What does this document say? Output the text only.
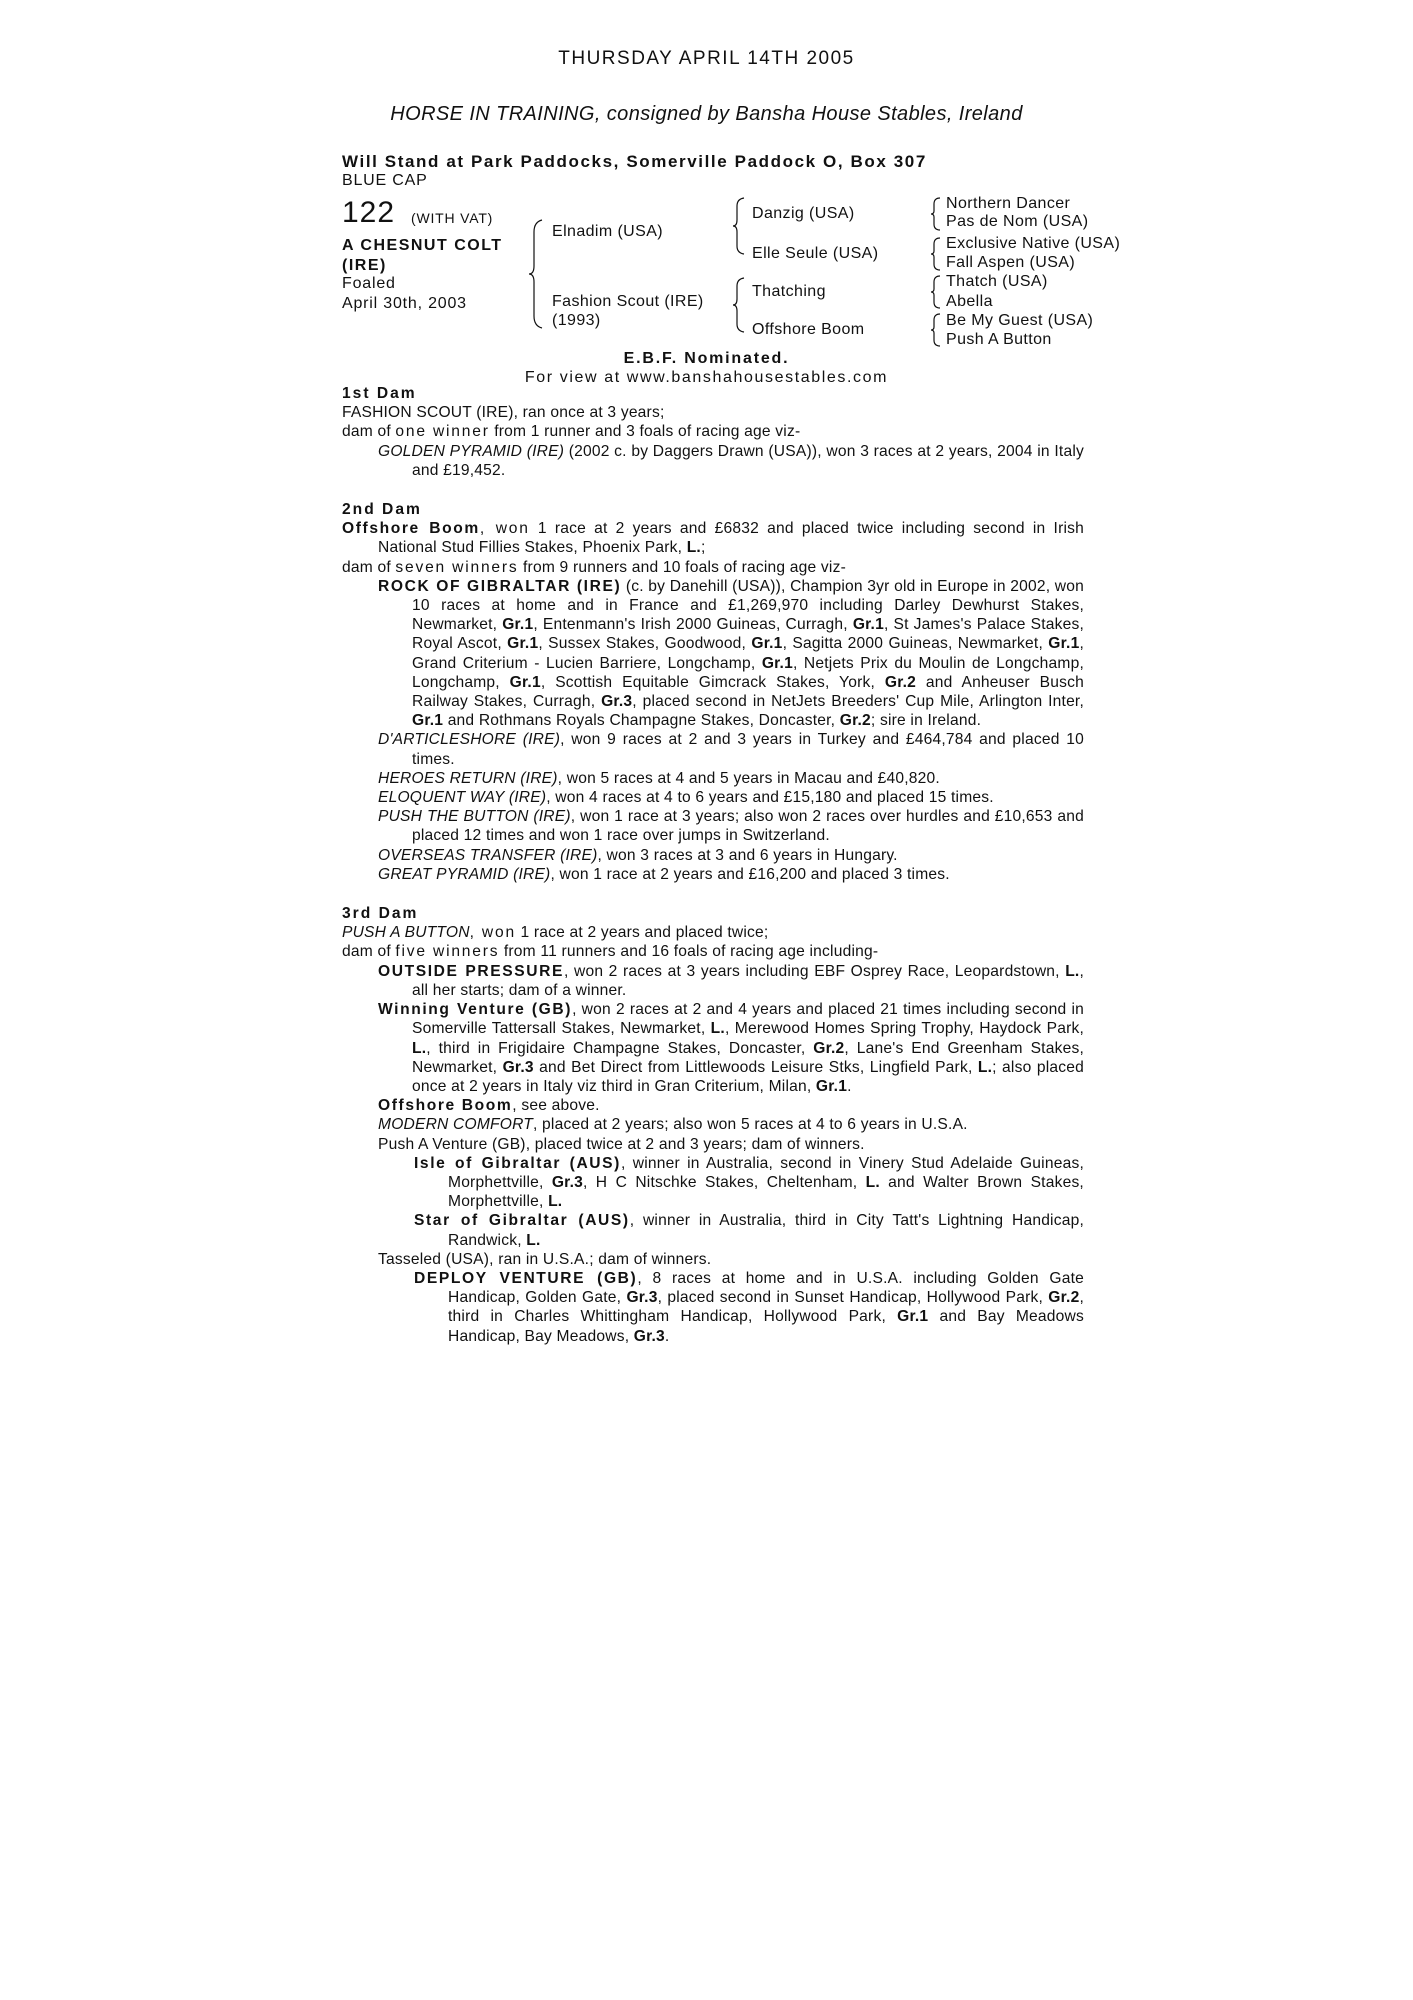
THURSDAY APRIL 14TH 2005
HORSE IN TRAINING, consigned by Bansha House Stables, Ireland
Will Stand at Park Paddocks, Somerville Paddock O, Box 307
BLUE CAP
122 (WITH VAT)
A CHESNUT COLT
(IRE)
Foaled
April 30th, 2003
Elnadim (USA)
Fashion Scout (IRE)
(1993)
Danzig (USA)
Elle Seule (USA)
Thatching
Offshore Boom
Northern Dancer
Pas de Nom (USA)
Exclusive Native (USA)
Fall Aspen (USA)
Thatch (USA)
Abella
Be My Guest (USA)
Push A Button
E.B.F. Nominated.
For view at www.banshahousestables.com
1st Dam
FASHION SCOUT (IRE), ran once at 3 years;
dam of one winner from 1 runner and 3 foals of racing age viz-
GOLDEN PYRAMID (IRE) (2002 c. by Daggers Drawn (USA)), won 3 races at 2 years, 2004 in Italy and £19,452.
2nd Dam
Offshore Boom, won 1 race at 2 years and £6832 and placed twice including second in Irish National Stud Fillies Stakes, Phoenix Park, L.;
dam of seven winners from 9 runners and 10 foals of racing age viz-
ROCK OF GIBRALTAR (IRE) (c. by Danehill (USA)), Champion 3yr old in Europe in 2002, won 10 races at home and in France and £1,269,970 including Darley Dewhurst Stakes, Newmarket, Gr.1, Entenmann's Irish 2000 Guineas, Curragh, Gr.1, St James's Palace Stakes, Royal Ascot, Gr.1, Sussex Stakes, Goodwood, Gr.1, Sagitta 2000 Guineas, Newmarket, Gr.1, Grand Criterium - Lucien Barriere, Longchamp, Gr.1, Netjets Prix du Moulin de Longchamp, Longchamp, Gr.1, Scottish Equitable Gimcrack Stakes, York, Gr.2 and Anheuser Busch Railway Stakes, Curragh, Gr.3, placed second in NetJets Breeders' Cup Mile, Arlington Inter, Gr.1 and Rothmans Royals Champagne Stakes, Doncaster, Gr.2; sire in Ireland.
D'ARTICLESHORE (IRE), won 9 races at 2 and 3 years in Turkey and £464,784 and placed 10 times.
HEROES RETURN (IRE), won 5 races at 4 and 5 years in Macau and £40,820.
ELOQUENT WAY (IRE), won 4 races at 4 to 6 years and £15,180 and placed 15 times.
PUSH THE BUTTON (IRE), won 1 race at 3 years; also won 2 races over hurdles and £10,653 and placed 12 times and won 1 race over jumps in Switzerland.
OVERSEAS TRANSFER (IRE), won 3 races at 3 and 6 years in Hungary.
GREAT PYRAMID (IRE), won 1 race at 2 years and £16,200 and placed 3 times.
3rd Dam
PUSH A BUTTON, won 1 race at 2 years and placed twice;
dam of five winners from 11 runners and 16 foals of racing age including-
OUTSIDE PRESSURE, won 2 races at 3 years including EBF Osprey Race, Leopardstown, L., all her starts; dam of a winner.
Winning Venture (GB), won 2 races at 2 and 4 years and placed 21 times including second in Somerville Tattersall Stakes, Newmarket, L., Merewood Homes Spring Trophy, Haydock Park, L., third in Frigidaire Champagne Stakes, Doncaster, Gr.2, Lane's End Greenham Stakes, Newmarket, Gr.3 and Bet Direct from Littlewoods Leisure Stks, Lingfield Park, L.; also placed once at 2 years in Italy viz third in Gran Criterium, Milan, Gr.1.
Offshore Boom, see above.
MODERN COMFORT, placed at 2 years; also won 5 races at 4 to 6 years in U.S.A.
Push A Venture (GB), placed twice at 2 and 3 years; dam of winners.
Isle of Gibraltar (AUS), winner in Australia, second in Vinery Stud Adelaide Guineas, Morphettville, Gr.3, H C Nitschke Stakes, Cheltenham, L. and Walter Brown Stakes, Morphettville, L.
Star of Gibraltar (AUS), winner in Australia, third in City Tatt's Lightning Handicap, Randwick, L.
Tasseled (USA), ran in U.S.A.; dam of winners.
DEPLOY VENTURE (GB), 8 races at home and in U.S.A. including Golden Gate Handicap, Golden Gate, Gr.3, placed second in Sunset Handicap, Hollywood Park, Gr.2, third in Charles Whittingham Handicap, Hollywood Park, Gr.1 and Bay Meadows Handicap, Bay Meadows, Gr.3.
